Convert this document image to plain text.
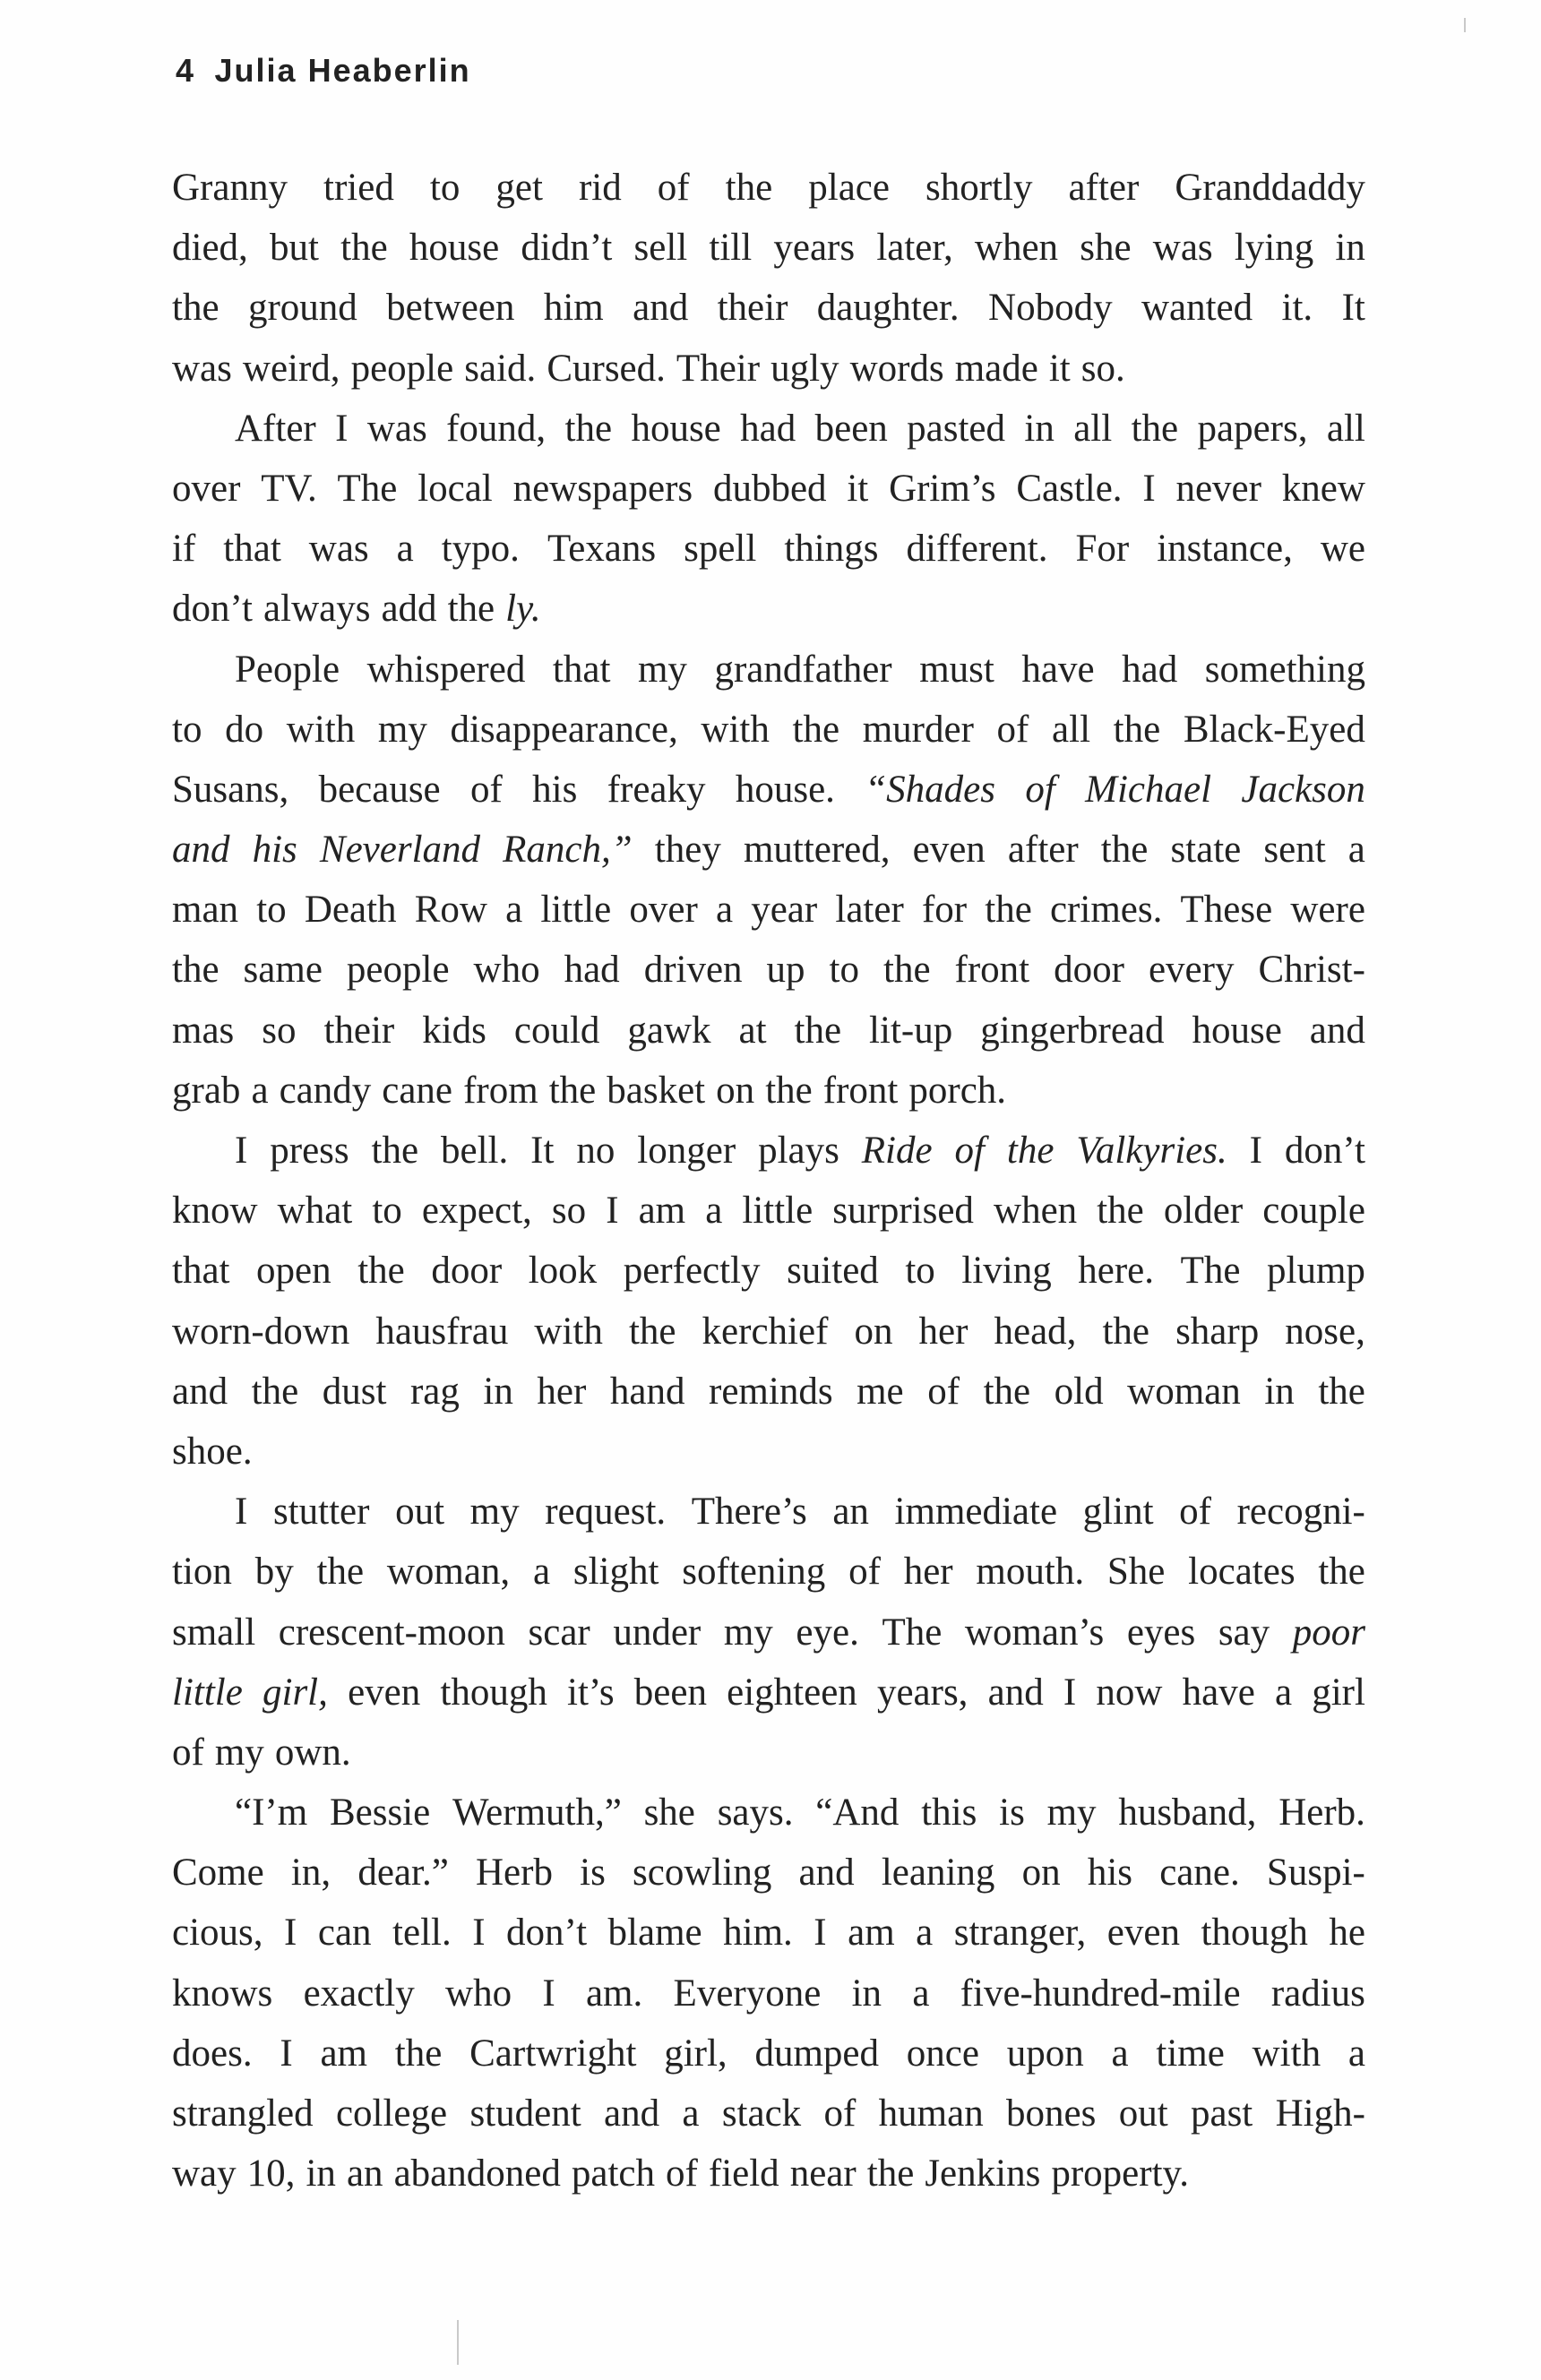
4 Julia Heaberlin
Granny tried to get rid of the place shortly after Granddaddy
died, but the house didn’t sell till years later, when she was lying in
the ground between him and their daughter. Nobody wanted it. It
was weird, people said. Cursed. Their ugly words made it so.
After I was found, the house had been pasted in all the papers, all
over TV. The local newspapers dubbed it Grim’s Castle. I never knew
if that was a typo. Texans spell things different. For instance, we
don’t always add the ly.
People whispered that my grandfather must have had something
to do with my disappearance, with the murder of all the Black-Eyed
Susans, because of his freaky house. “Shades of Michael Jackson
and his Neverland Ranch,” they muttered, even after the state sent a
man to Death Row a little over a year later for the crimes. These were
the same people who had driven up to the front door every Christ-
mas so their kids could gawk at the lit-up gingerbread house and
grab a candy cane from the basket on the front porch.
I press the bell. It no longer plays Ride of the Valkyries. I don’t
know what to expect, so I am a little surprised when the older couple
that open the door look perfectly suited to living here. The plump
worn-down hausfrau with the kerchief on her head, the sharp nose,
and the dust rag in her hand reminds me of the old woman in the
shoe.
I stutter out my request. There’s an immediate glint of recogni-
tion by the woman, a slight softening of her mouth. She locates the
small crescent-moon scar under my eye. The woman’s eyes say poor
little girl, even though it’s been eighteen years, and I now have a girl
of my own.
“I’m Bessie Wermuth,” she says. “And this is my husband, Herb.
Come in, dear.” Herb is scowling and leaning on his cane. Suspi-
cious, I can tell. I don’t blame him. I am a stranger, even though he
knows exactly who I am. Everyone in a five-hundred-mile radius
does. I am the Cartwright girl, dumped once upon a time with a
strangled college student and a stack of human bones out past High-
way 10, in an abandoned patch of field near the Jenkins property.
